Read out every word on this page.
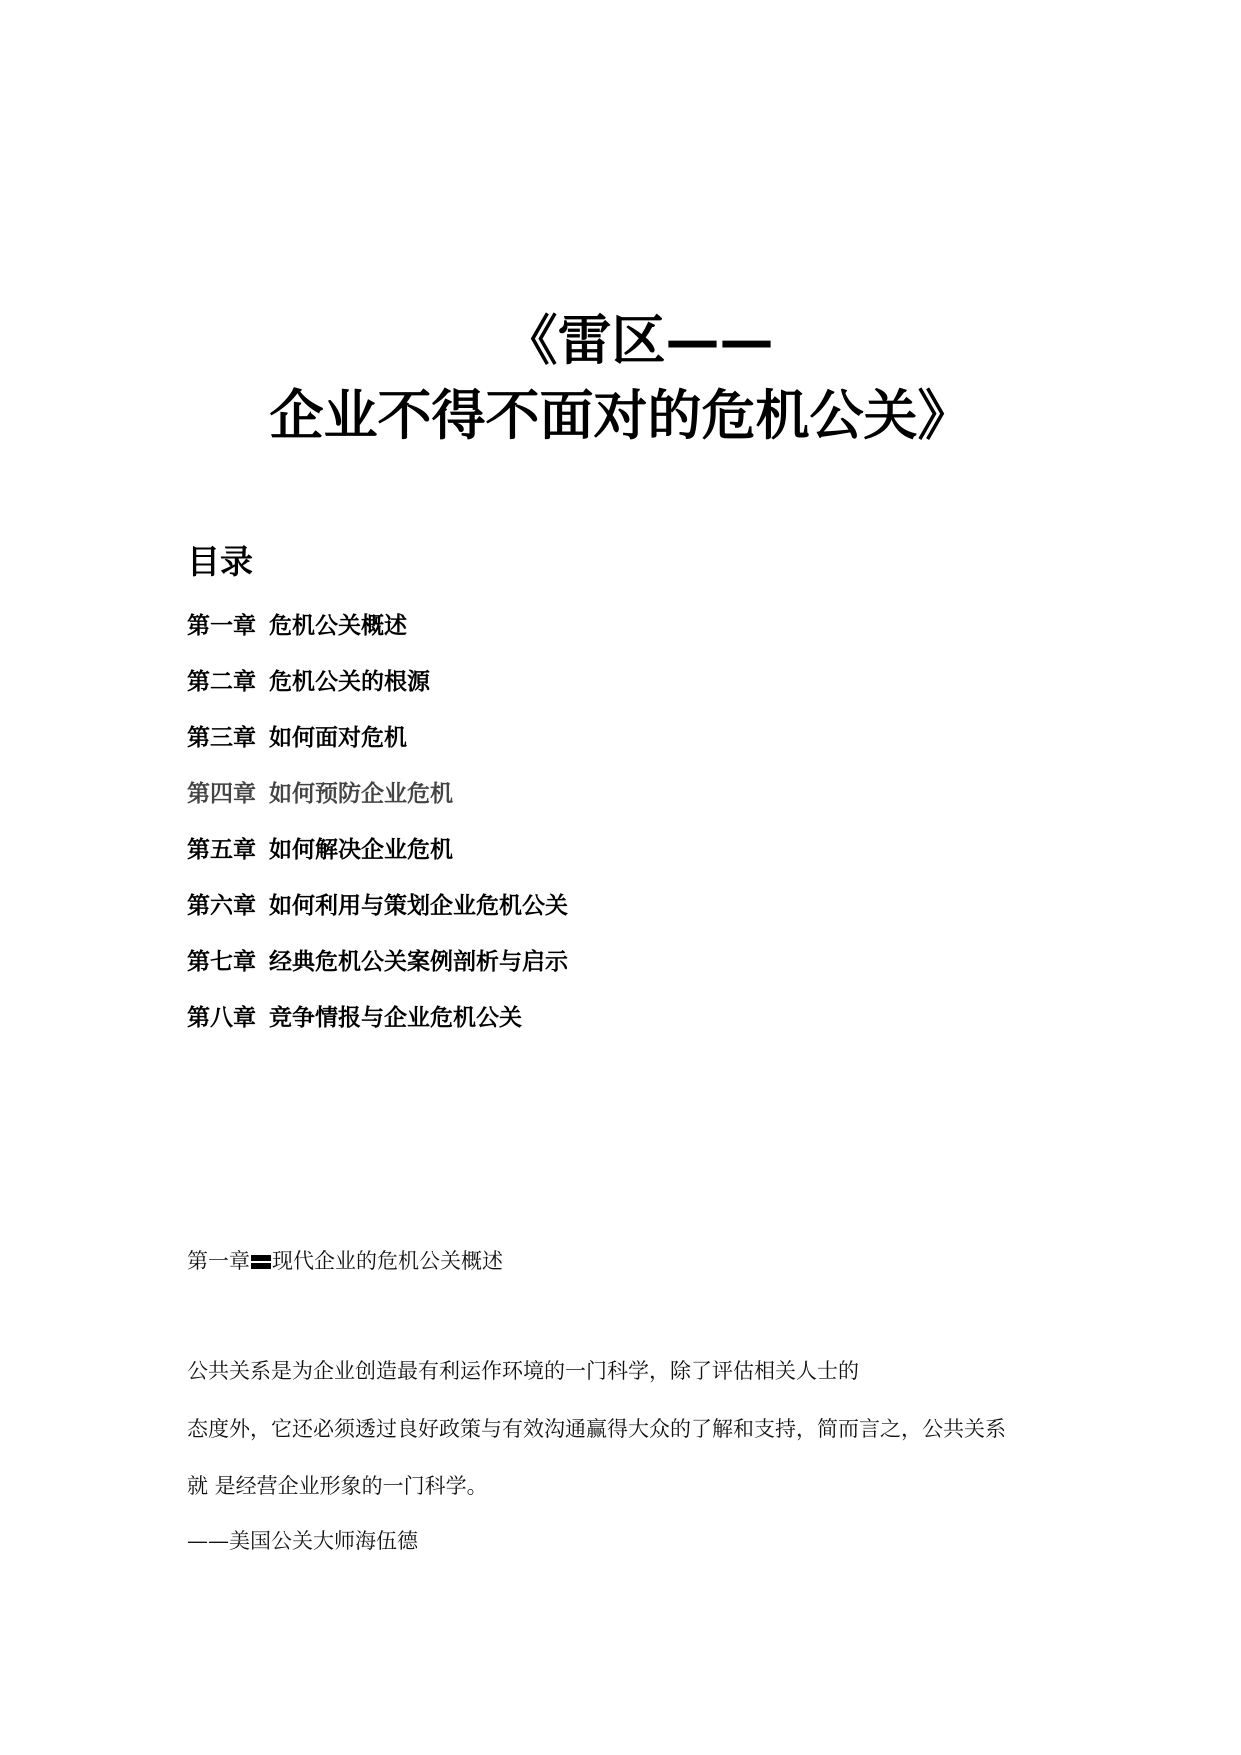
《雷区——
企业不得不面对的危机公关》
目录
第一章 危机公关概述
第二章 危机公关的根源
第三章 如何面对危机
第四章 如何预防企业危机
第五章 如何解决企业危机
第六章 如何利用与策划企业危机公关
第七章 经典危机公关案例剖析与启示
第八章 竞争情报与企业危机公关
第一章 现代企业的危机公关概述
公共关系是为企业创造最有利运作环境的一门科学，除了评估相关人士的
态度外，它还必须透过良好政策与有效沟通赢得大众的了解和支持，简而言之，公共关系
就 是经营企业形象的一门科学。
——美国公关大师海伍德
